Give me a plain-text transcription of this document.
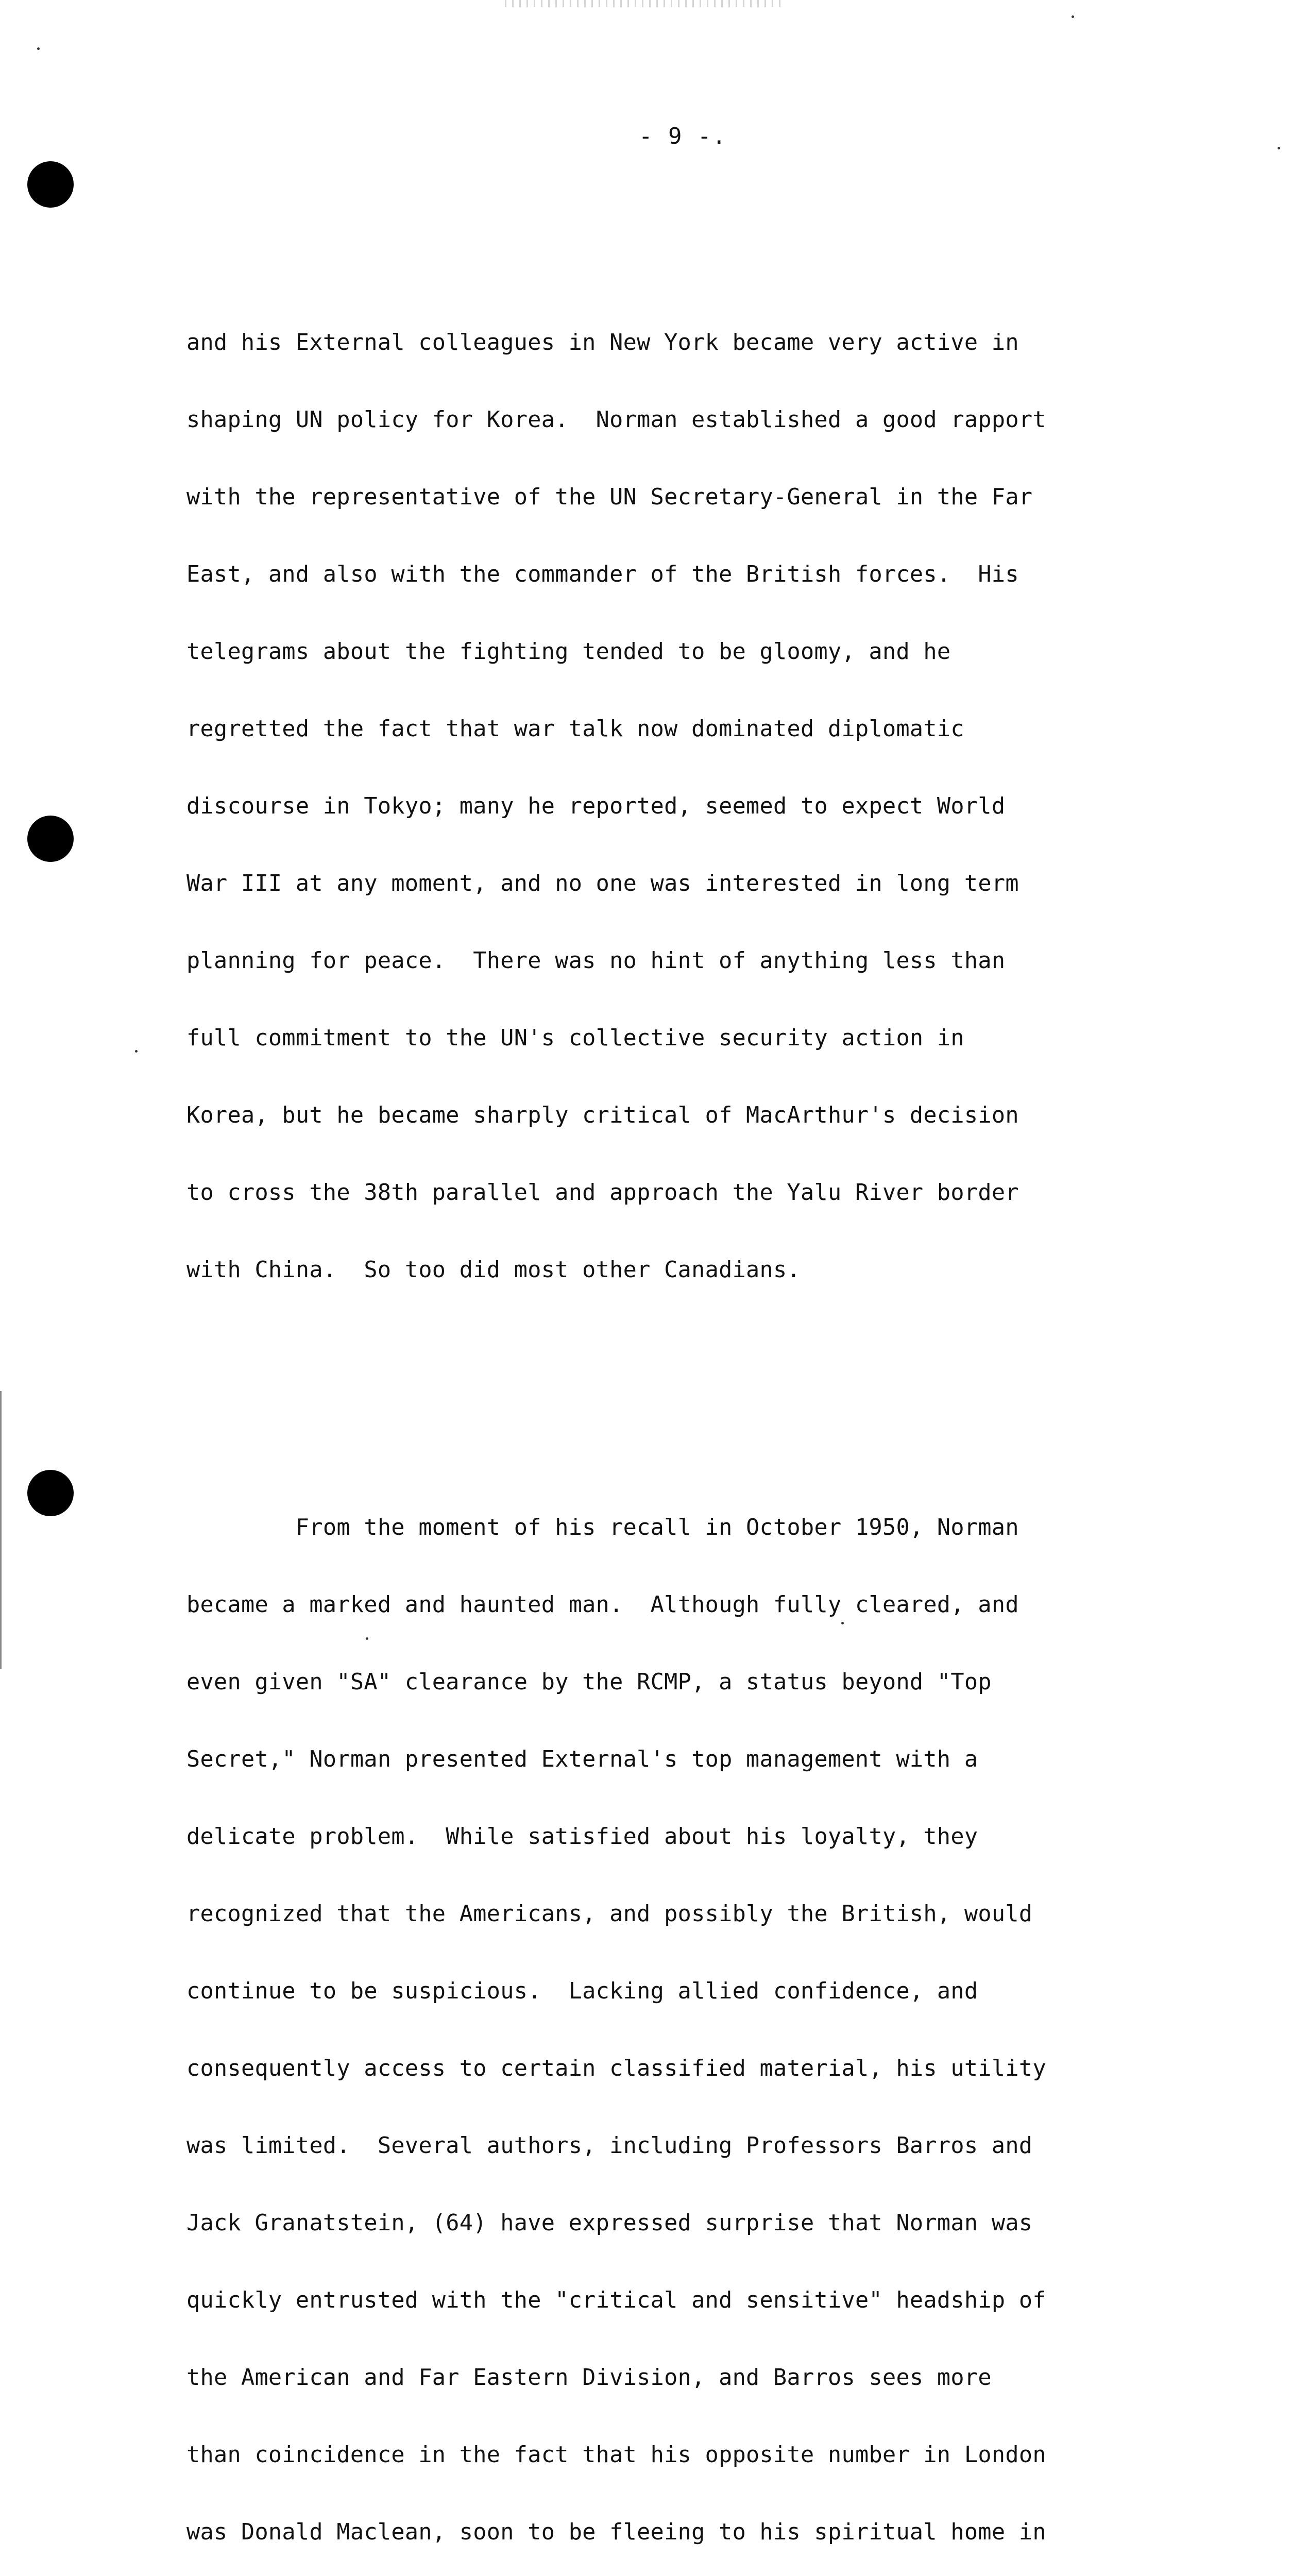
- 9 -.

and his External colleagues in New York became very active in

shaping UN policy for Korea.  Norman established a good rapport

with the representative of the UN Secretary-General in the Far

East, and also with the commander of the British forces.  His

telegrams about the fighting tended to be gloomy, and he

regretted the fact that war talk now dominated diplomatic

discourse in Tokyo; many he reported, seemed to expect World

War III at any moment, and no one was interested in long term

planning for peace.  There was no hint of anything less than

full commitment to the UN's collective security action in

Korea, but he became sharply critical of MacArthur's decision

to cross the 38th parallel and approach the Yalu River border

with China.  So too did most other Canadians.

From the moment of his recall in October 1950, Norman

became a marked and haunted man.  Although fully cleared, and

even given "SA" clearance by the RCMP, a status beyond "Top

Secret," Norman presented External's top management with a

delicate problem.  While satisfied about his loyalty, they

recognized that the Americans, and possibly the British, would

continue to be suspicious.  Lacking allied confidence, and

consequently access to certain classified material, his utility

was limited.  Several authors, including Professors Barros and

Jack Granatstein, (64) have expressed surprise that Norman was

quickly entrusted with the "critical and sensitive" headship of

the American and Far Eastern Division, and Barros sees more

than coincidence in the fact that his opposite number in London

was Donald Maclean, soon to be fleeing to his spiritual home in
